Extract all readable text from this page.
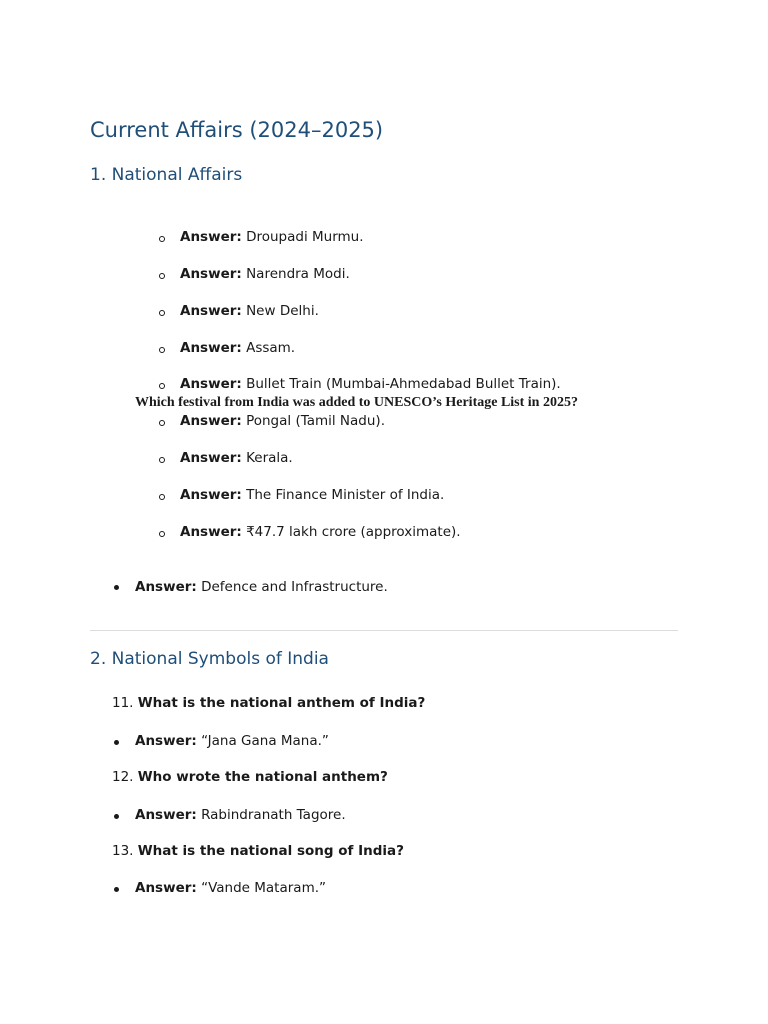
Current Affairs (2024–2025)
1. National Affairs
Answer: Droupadi Murmu.
Answer: Narendra Modi.
Answer: New Delhi.
Answer: Assam.
Answer: Bullet Train (Mumbai-Ahmedabad Bullet Train).
Which festival from India was added to UNESCO’s Heritage List in 2025?
Answer: Pongal (Tamil Nadu).
Answer: Kerala.
Answer: The Finance Minister of India.
Answer: ₹47.7 lakh crore (approximate).
Answer: Defence and Infrastructure.
2. National Symbols of India
11. What is the national anthem of India?
Answer: “Jana Gana Mana.”
12. Who wrote the national anthem?
Answer: Rabindranath Tagore.
13. What is the national song of India?
Answer: “Vande Mataram.”
